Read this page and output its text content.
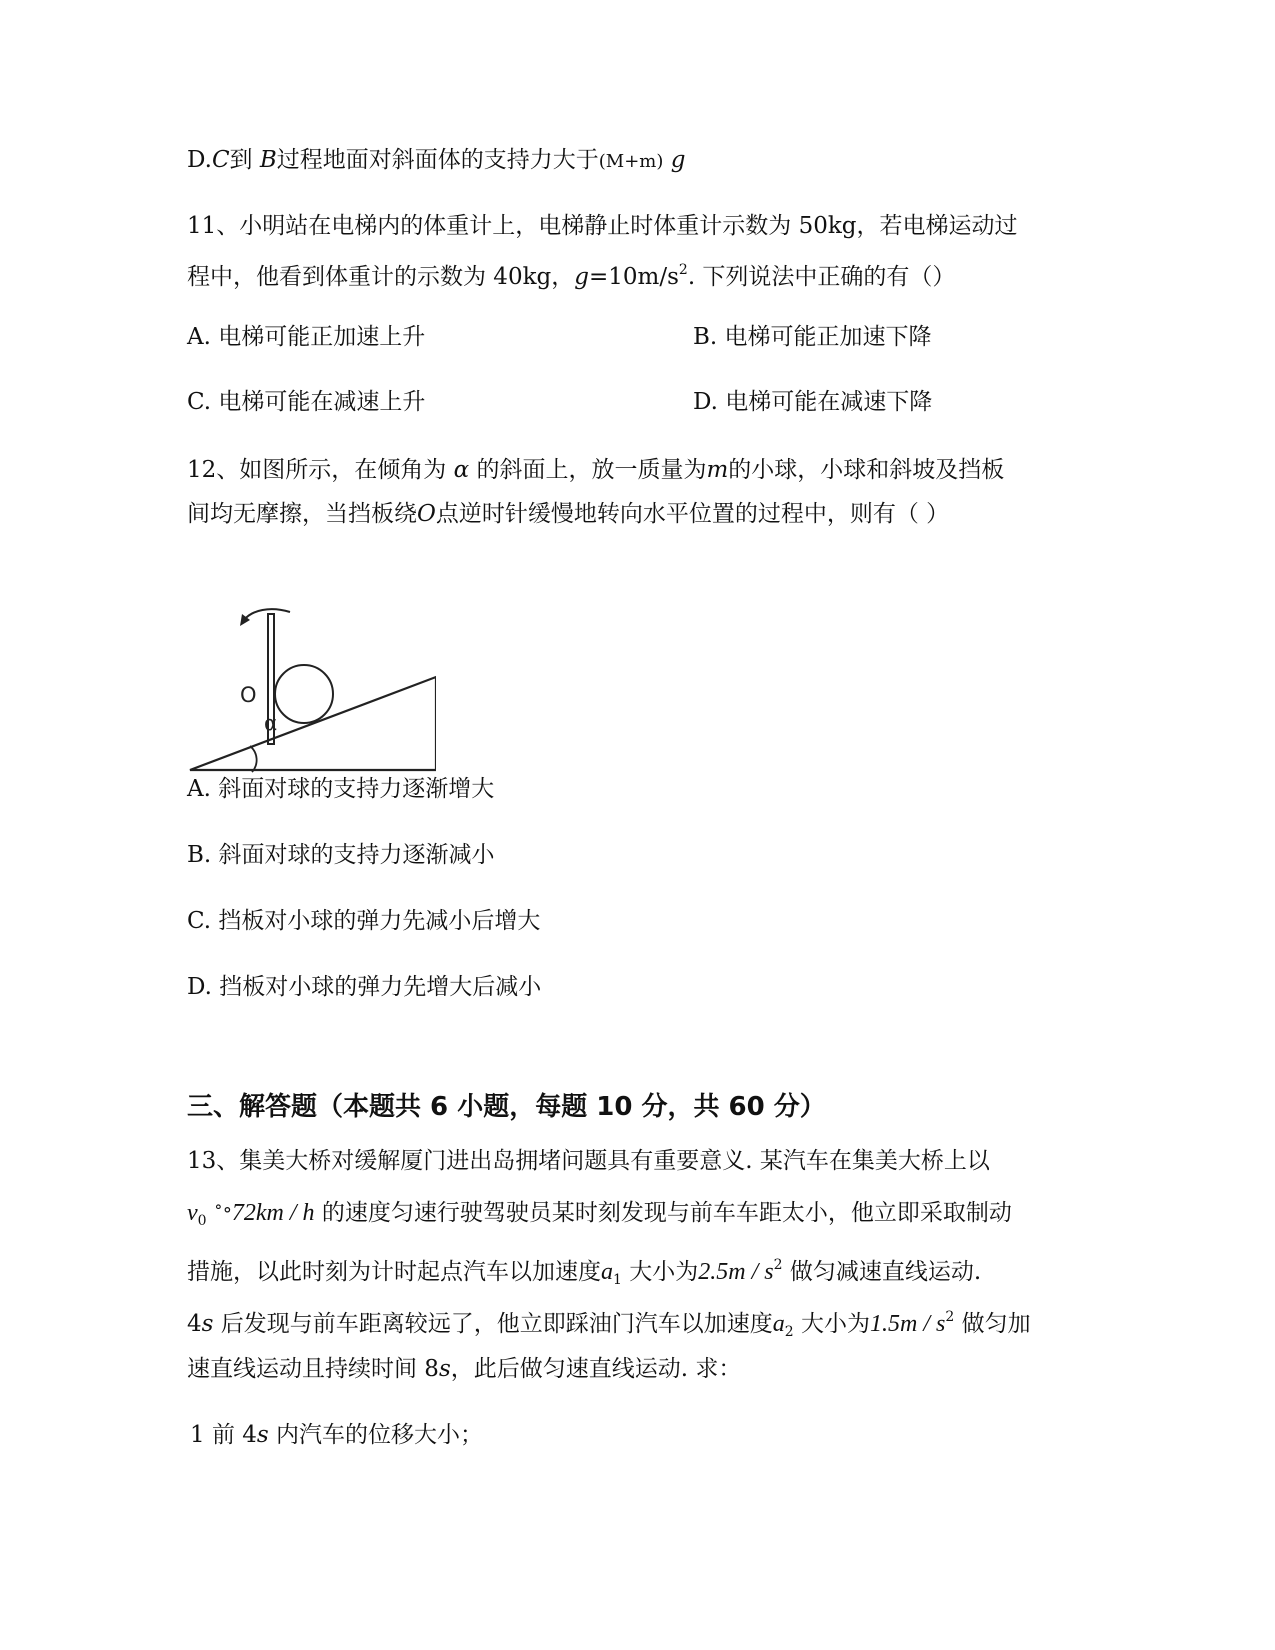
D.C到 B过程地面对斜面体的支持力大于(M+m) g
11、小明站在电梯内的体重计上，电梯静止时体重计示数为 50kg，若电梯运动过
程中，他看到体重计的示数为 40kg，$g=10m/s^2$. 下列说法中正确的有（）
A. 电梯可能正加速上升	B. 电梯可能正加速下降
C. 电梯可能在减速上升	D. 电梯可能在减速下降
12、如图所示，在倾角为 α 的斜面上，放一质量为m的小球，小球和斜坡及挡板
间均无摩擦，当挡板绕O点逆时针缓慢地转向水平位置的过程中，则有（ ）
O
α
A. 斜面对球的支持力逐渐增大
B. 斜面对球的支持力逐渐减小
C. 挡板对小球的弹力先减小后增大
D. 挡板对小球的弹力先增大后减小
三、解答题（本题共 6 小题，每题 10 分，共 60 分）
13、集美大桥对缓解厦门进出岛拥堵问题具有重要意义. 某汽车在集美大桥上以
$v_0$ ˚°72km / h 的速度匀速行驶驾驶员某时刻发现与前车车距太小，他立即采取制动
措施，以此时刻为计时起点汽车以加速度$a_1$ 大小为$2.5m / s^2$ 做匀减速直线运动.
4s 后发现与前车距离较远了，他立即踩油门汽车以加速度$a_2$ 大小为$1.5m / s^2$ 做匀加
速直线运动且持续时间 8s，此后做匀速直线运动. 求：
1 前 4s 内汽车的位移大小；
